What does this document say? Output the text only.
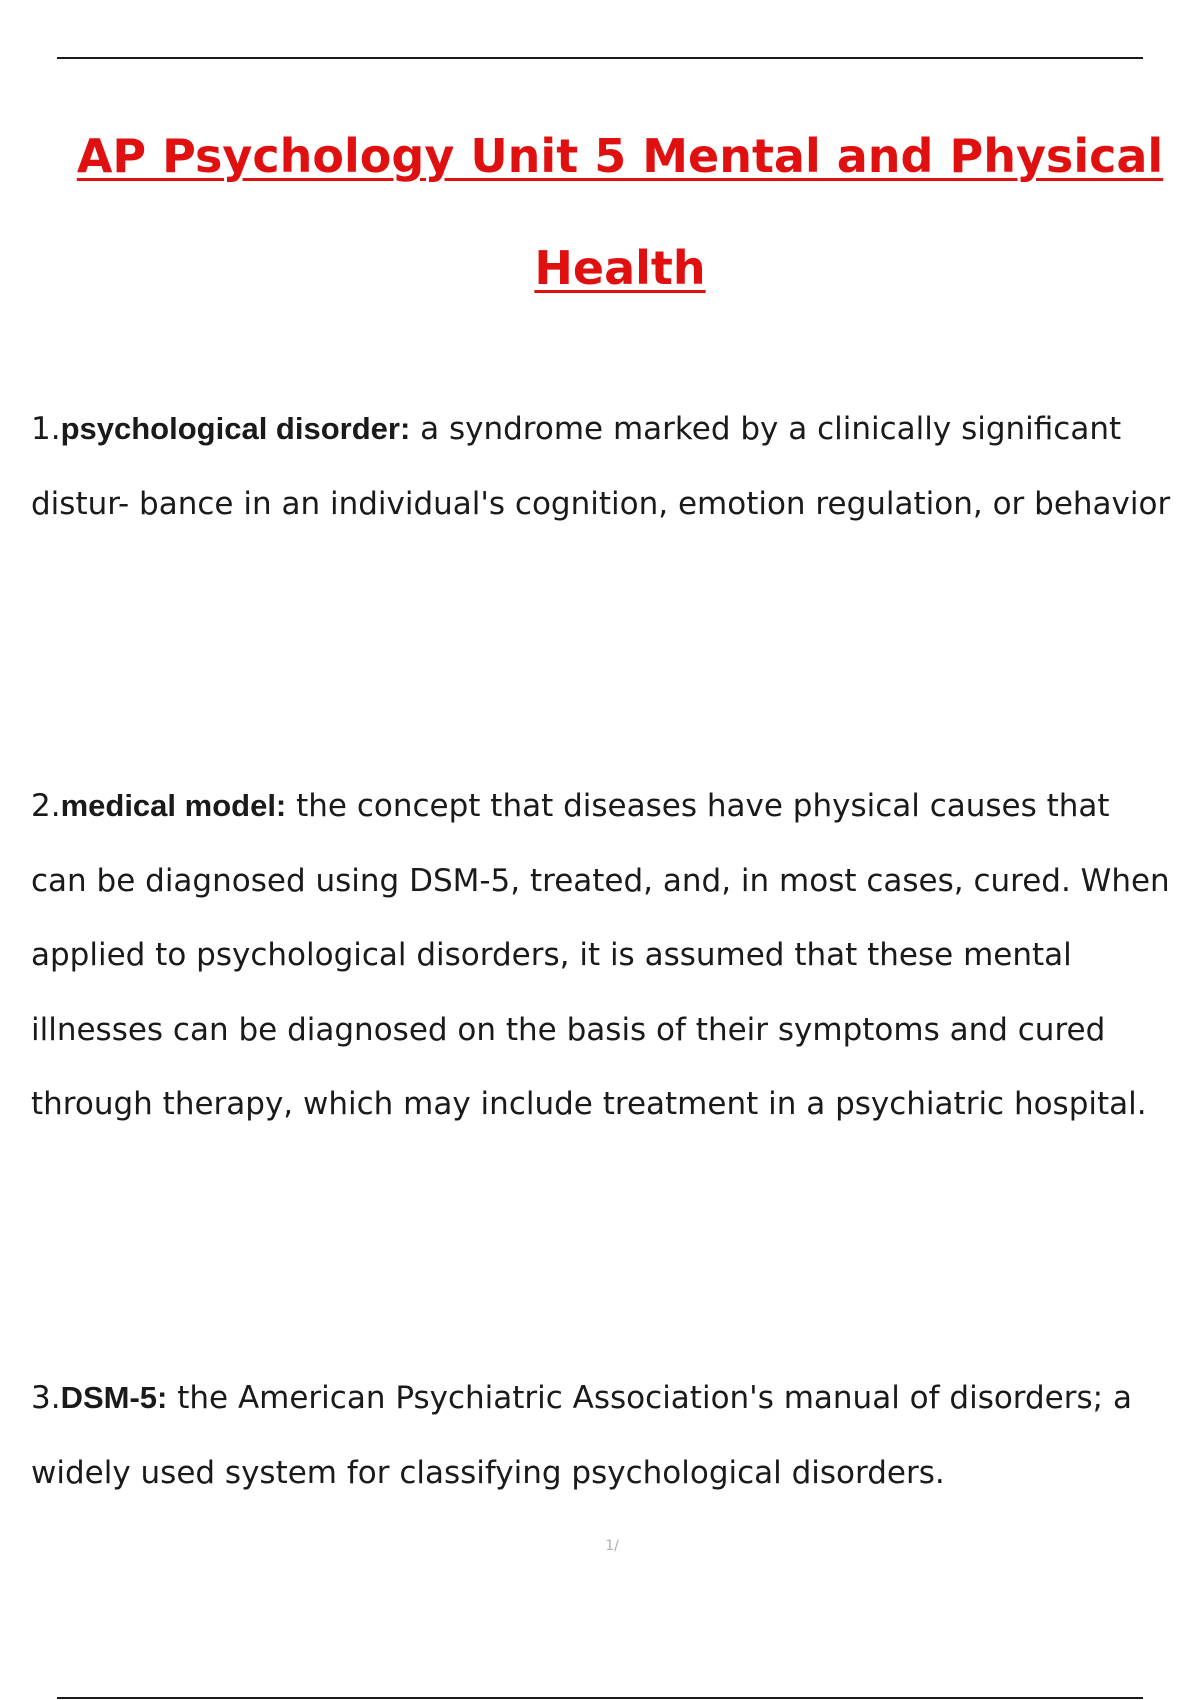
AP Psychology Unit 5 Mental and Physical Health

1.psychological disorder: a syndrome marked by a clinically significant distur- bance in an individual's cognition, emotion regulation, or behavior

2.medical model: the concept that diseases have physical causes that can be diagnosed using DSM-5, treated, and, in most cases, cured. When applied to psychological disorders, it is assumed that these mental illnesses can be diagnosed on the basis of their symptoms and cured through therapy, which may include treatment in a psychiatric hospital.

3.DSM-5: the American Psychiatric Association's manual of disorders; a widely used system for classifying psychological disorders.

1/
